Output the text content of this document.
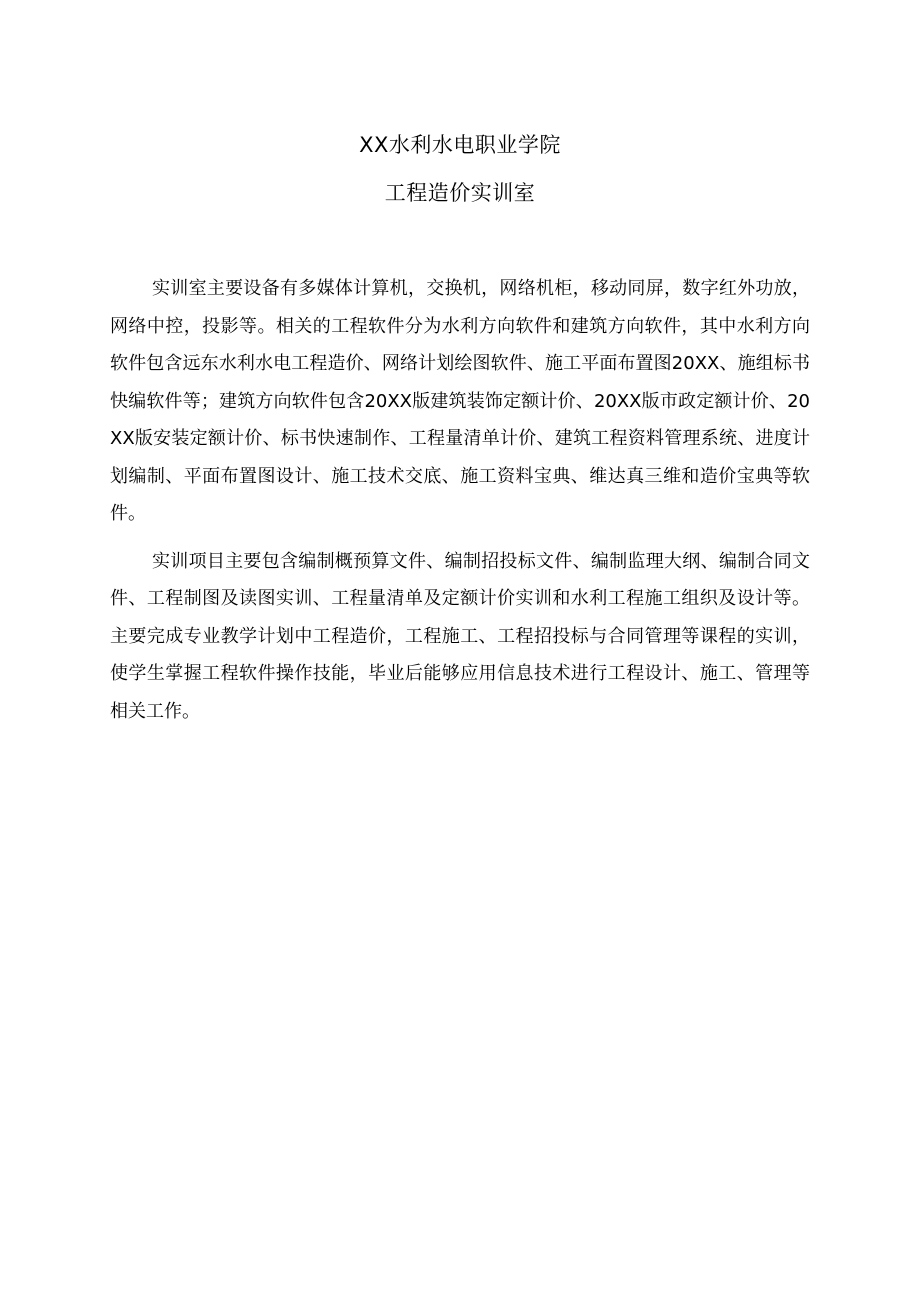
XX水利水电职业学院
工程造价实训室

实训室主要设备有多媒体计算机，交换机，网络机柜，移动同屏，数字红外功放，网络中控，投影等。相关的工程软件分为水利方向软件和建筑方向软件，其中水利方向软件包含远东水利水电工程造价、网络计划绘图软件、施工平面布置图20XX、施组标书快编软件等；建筑方向软件包含20XX版建筑装饰定额计价、20XX版市政定额计价、20XX版安装定额计价、标书快速制作、工程量清单计价、建筑工程资料管理系统、进度计划编制、平面布置图设计、施工技术交底、施工资料宝典、维达真三维和造价宝典等软件。

实训项目主要包含编制概预算文件、编制招投标文件、编制监理大纲、编制合同文件、工程制图及读图实训、工程量清单及定额计价实训和水利工程施工组织及设计等。主要完成专业教学计划中工程造价，工程施工、工程招投标与合同管理等课程的实训，使学生掌握工程软件操作技能，毕业后能够应用信息技术进行工程设计、施工、管理等相关工作。
